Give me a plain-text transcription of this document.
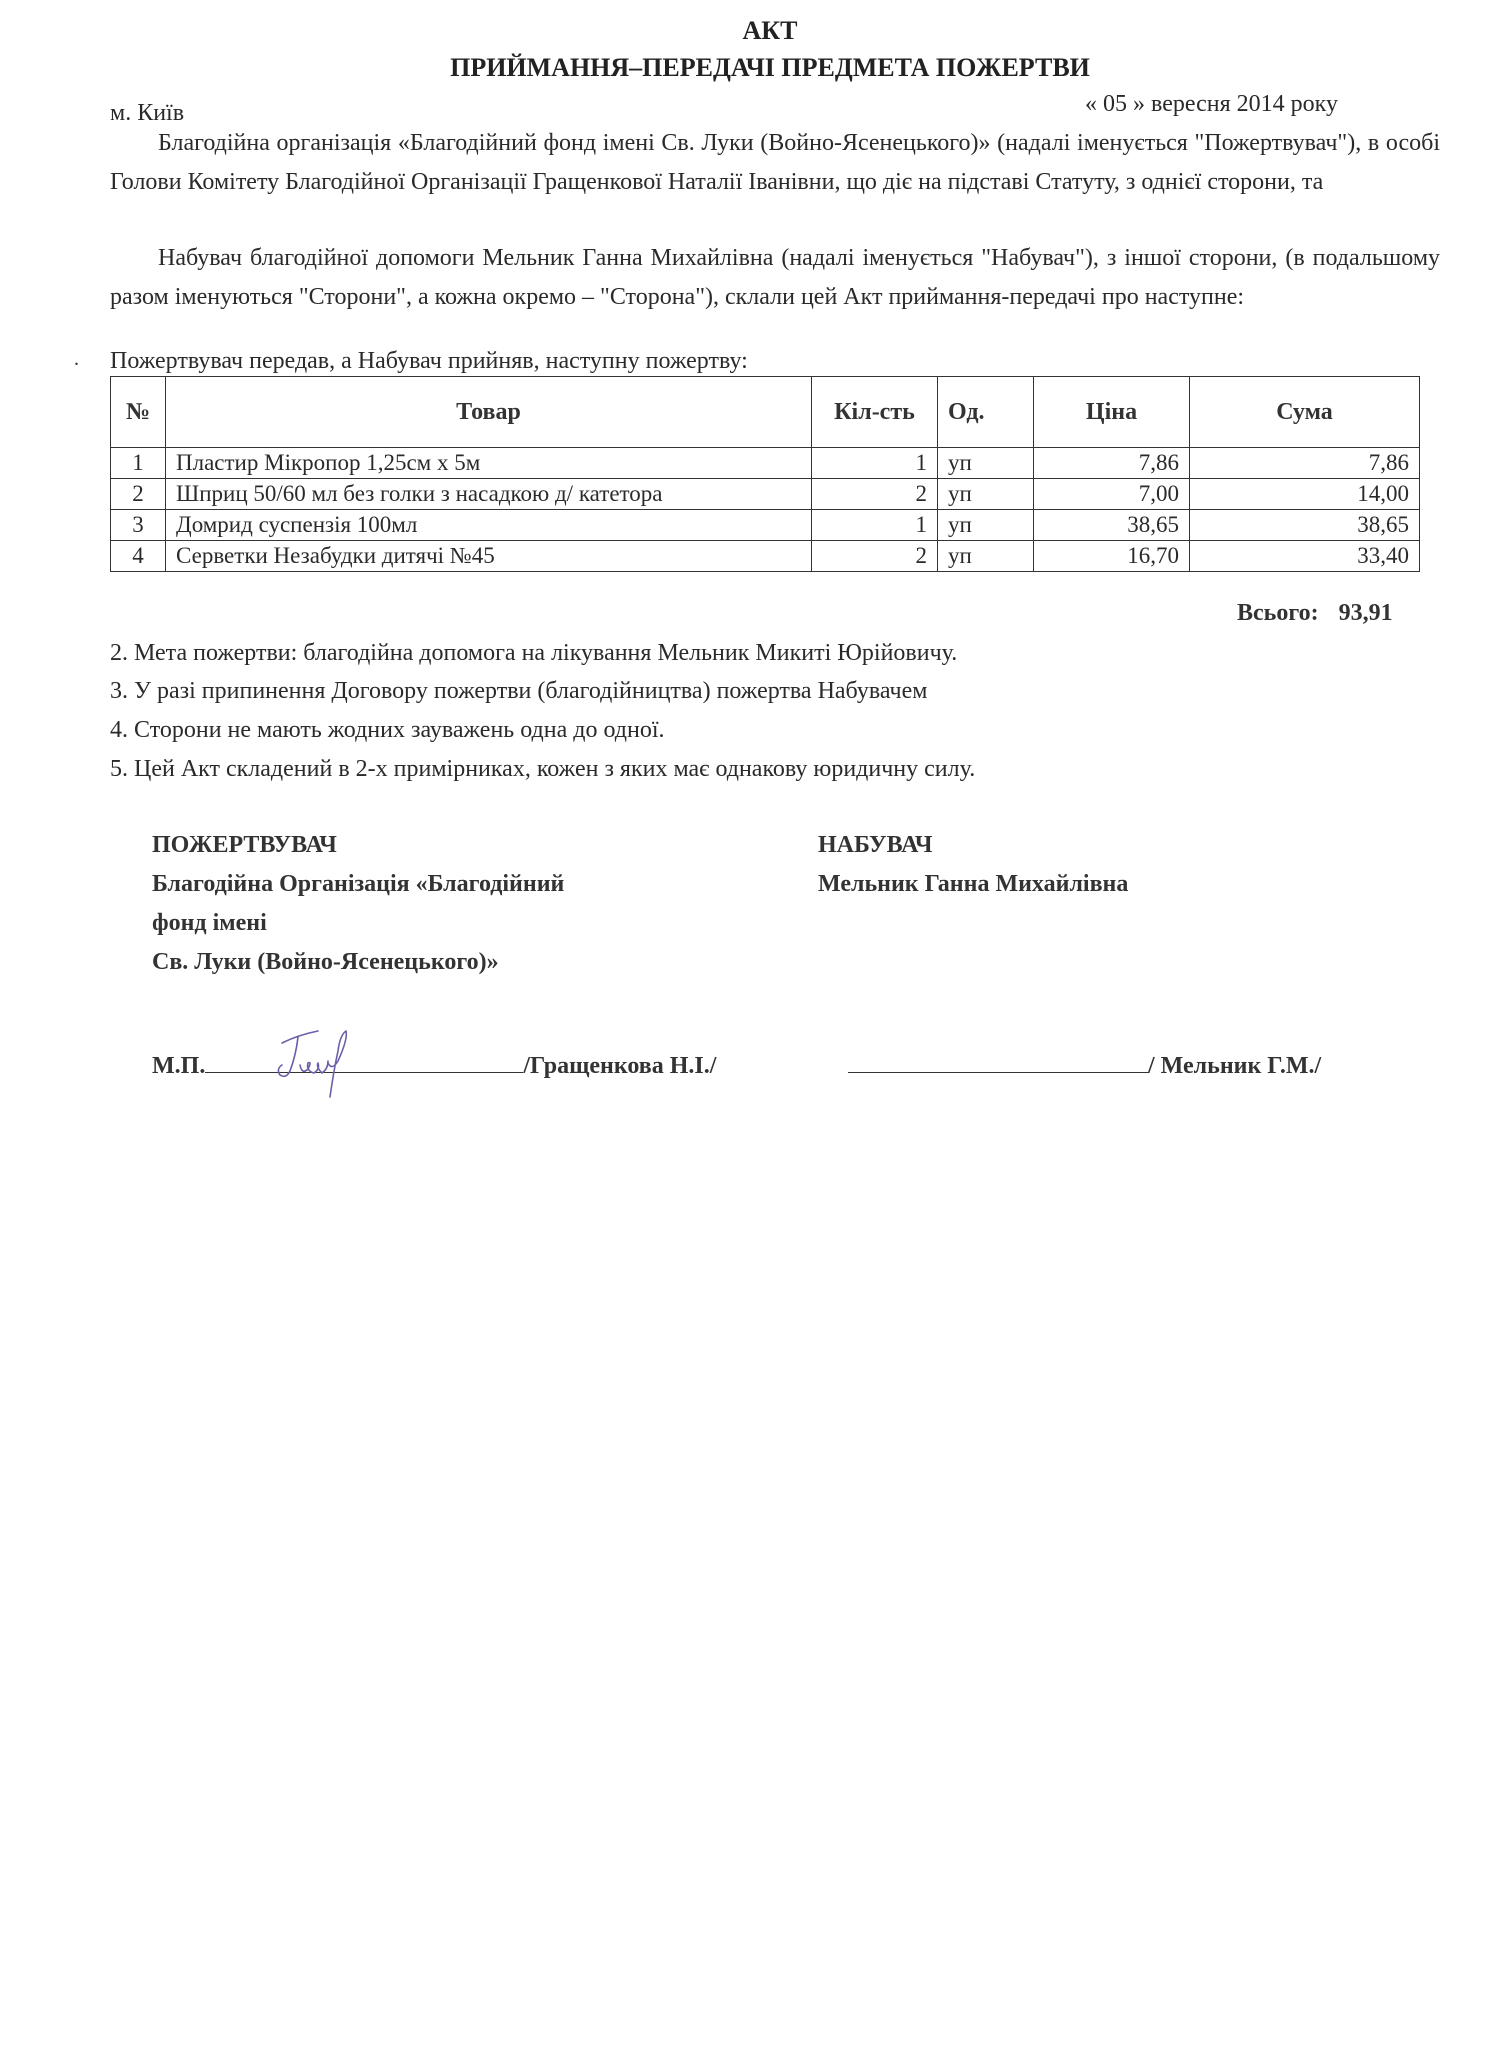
АКТ
ПРИЙМАННЯ–ПЕРЕДАЧІ ПРЕДМЕТА ПОЖЕРТВИ
м. Київ	« 05 » вересня 2014 року
Благодійна організація «Благодійний фонд імені Св. Луки (Войно-Ясенецького)» (надалі іменується "Пожертвувач"), в особі Голови Комітету Благодійної Організації Гращенкової Наталії Іванівни, що діє на підставі Статуту, з однієї сторони, та
Набувач благодійної допомоги Мельник Ганна Михайлівна (надалі іменується "Набувач"), з іншої сторони, (в подальшому разом іменуються "Сторони", а кожна окремо – "Сторона"), склали цей Акт приймання-передачі про наступне:
. Пожертвувач передав, а Набувач прийняв, наступну пожертву:
№	Товар	Кіл-сть	Од.	Ціна	Сума
1	Пластир Мікропор 1,25см х 5м	1	уп	7,86	7,86
2	Шприц 50/60 мл без голки з насадкою д/ катетора	2	уп	7,00	14,00
3	Домрид суспензія 100мл	1	уп	38,65	38,65
4	Серветки Незабудки дитячі №45	2	уп	16,70	33,40
Всього: 93,91
2. Мета пожертви: благодійна допомога на лікування Мельник Микиті Юрійовичу.
3. У разі припинення Договору пожертви (благодійництва) пожертва Набувачем
4. Сторони не мають жодних зауважень одна до одної.
5. Цей Акт складений в 2-х примірниках, кожен з яких має однакову юридичну силу.
ПОЖЕРТВУВАЧ
Благодійна Організація «Благодійний
фонд імені
Св. Луки (Войно-Ясенецького)»
НАБУВАЧ
Мельник Ганна Михайлівна
М.П.	/Гращенкова Н.І./	/ Мельник Г.М./
